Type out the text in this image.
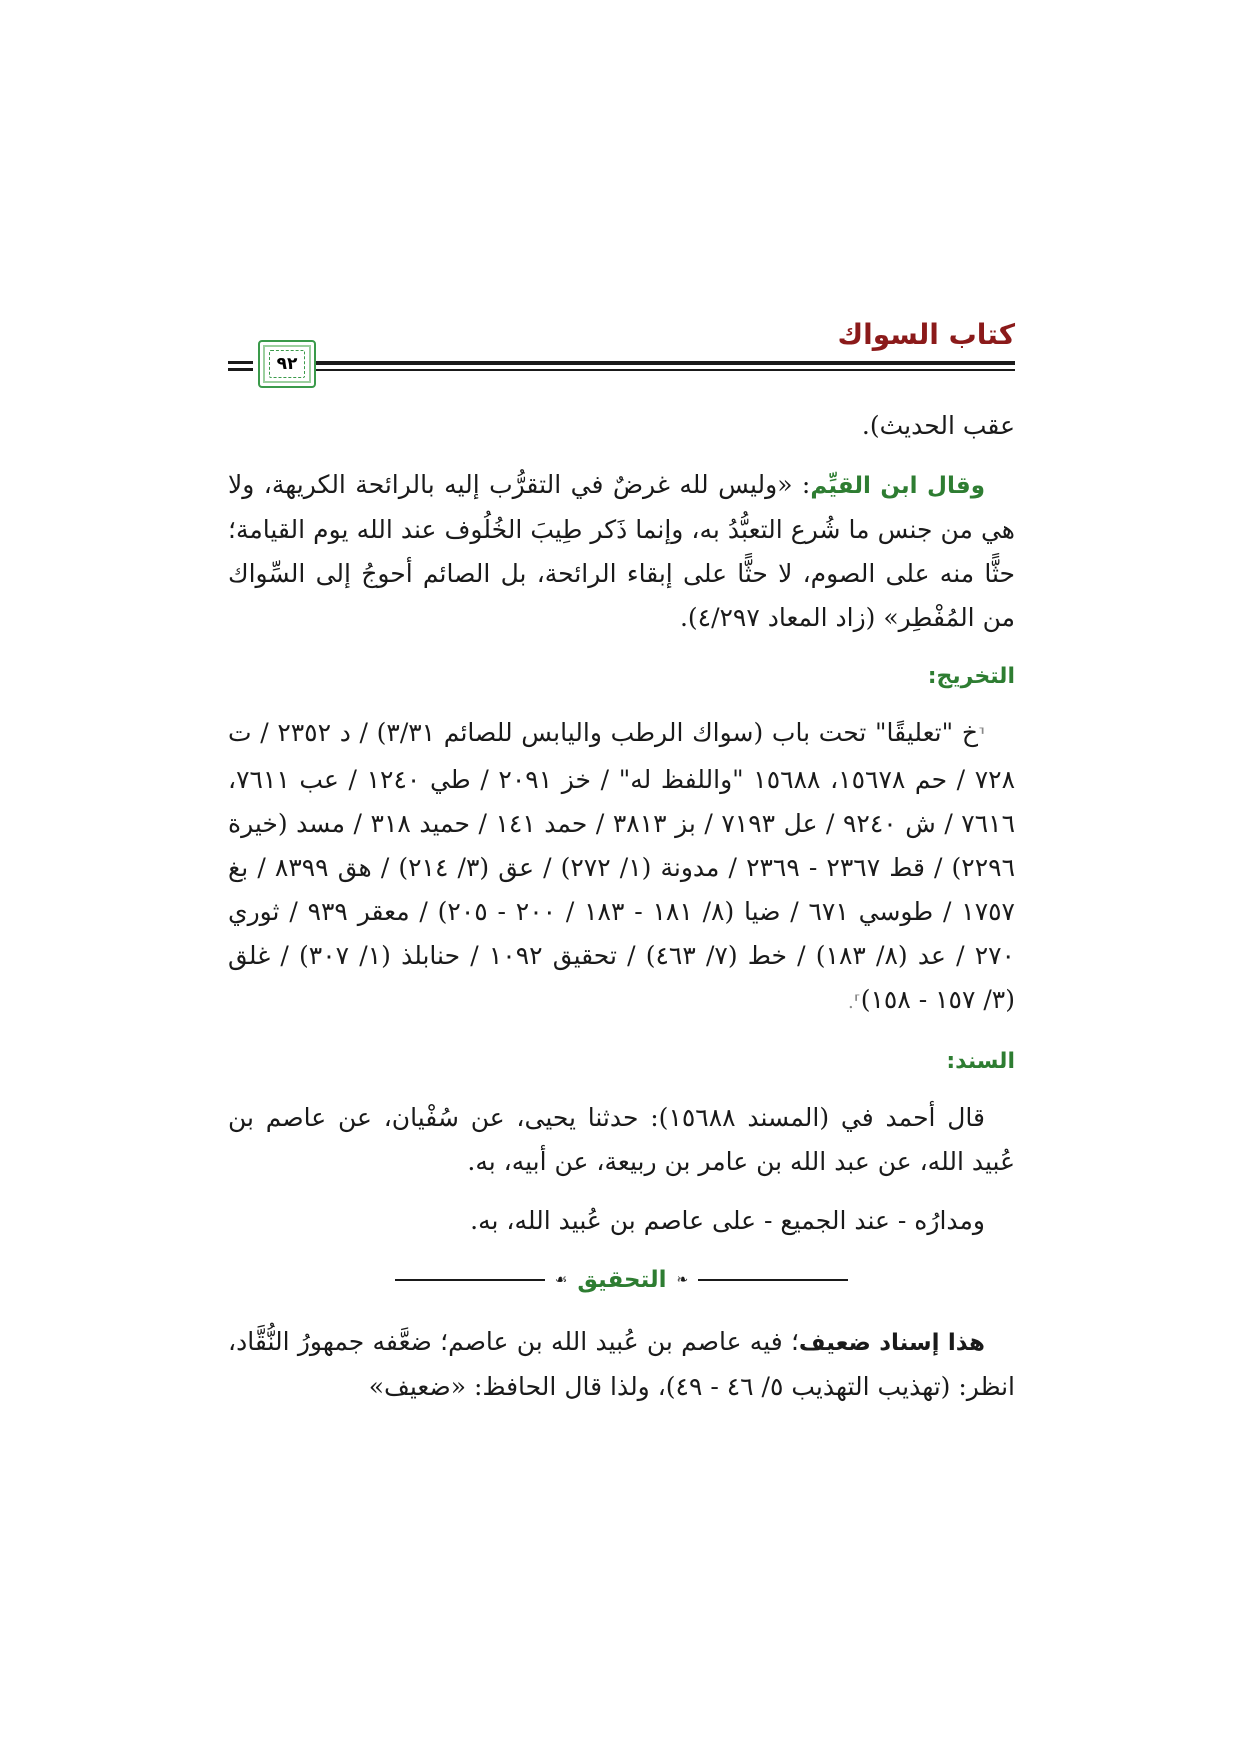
كتاب السواك
٩٢

عقب الحديث).

وقال ابن القيِّم: «وليس لله غرضٌ في التقرُّب إليه بالرائحة الكريهة، ولا هي من جنس ما شُرع التعبُّدُ به، وإنما ذَكر طِيبَ الخُلُوف عند الله يوم القيامة؛ حثًّا منه على الصوم، لا حثًّا على إبقاء الرائحة، بل الصائم أحوجُ إلى السِّواك من المُفْطِر» (زاد المعاد ٤/٢٩٧).

التخريج:

⸢خ "تعليقًا" تحت باب (سواك الرطب واليابس للصائم ٣/٣١) / د ٢٣٥٢ / ت ٧٢٨ / حم ١٥٦٧٨، ١٥٦٨٨ "واللفظ له" / خز ٢٠٩١ / طي ١٢٤٠ / عب ٧٦١١، ٧٦١٦ / ش ٩٢٤٠ / عل ٧١٩٣ / بز ٣٨١٣ / حمد ١٤١ / حميد ٣١٨ / مسد (خيرة ٢٢٩٦) / قط ٢٣٦٧ - ٢٣٦٩ / مدونة (١/ ٢٧٢) / عق (٣/ ٢١٤) / هق ٨٣٩٩ / بغ ١٧٥٧ / طوسي ٦٧١ / ضيا (٨/ ١٨١ - ١٨٣ / ٢٠٠ - ٢٠٥) / معقر ٩٣٩ / ثوري ٢٧٠ / عد (٨/ ١٨٣) / خط (٧/ ٤٦٣) / تحقيق ١٠٩٢ / حنابلذ (١/ ٣٠٧) / غلق (٣/ ١٥٧ - ١٥٨)⸣.

السند:

قال أحمد في (المسند ١٥٦٨٨): حدثنا يحيى، عن سُفْيان، عن عاصم بن عُبيد الله، عن عبد الله بن عامر بن ربيعة، عن أبيه، به.

ومدارُه - عند الجميع - على عاصم بن عُبيد الله، به.

❧
التحقيق
☙

هذا إسناد ضعيف؛ فيه عاصم بن عُبيد الله بن عاصم؛ ضعَّفه جمهورُ النُّقَّاد، انظر: (تهذيب التهذيب ٥/ ٤٦ - ٤٩)، ولذا قال الحافظ: «ضعيف»
